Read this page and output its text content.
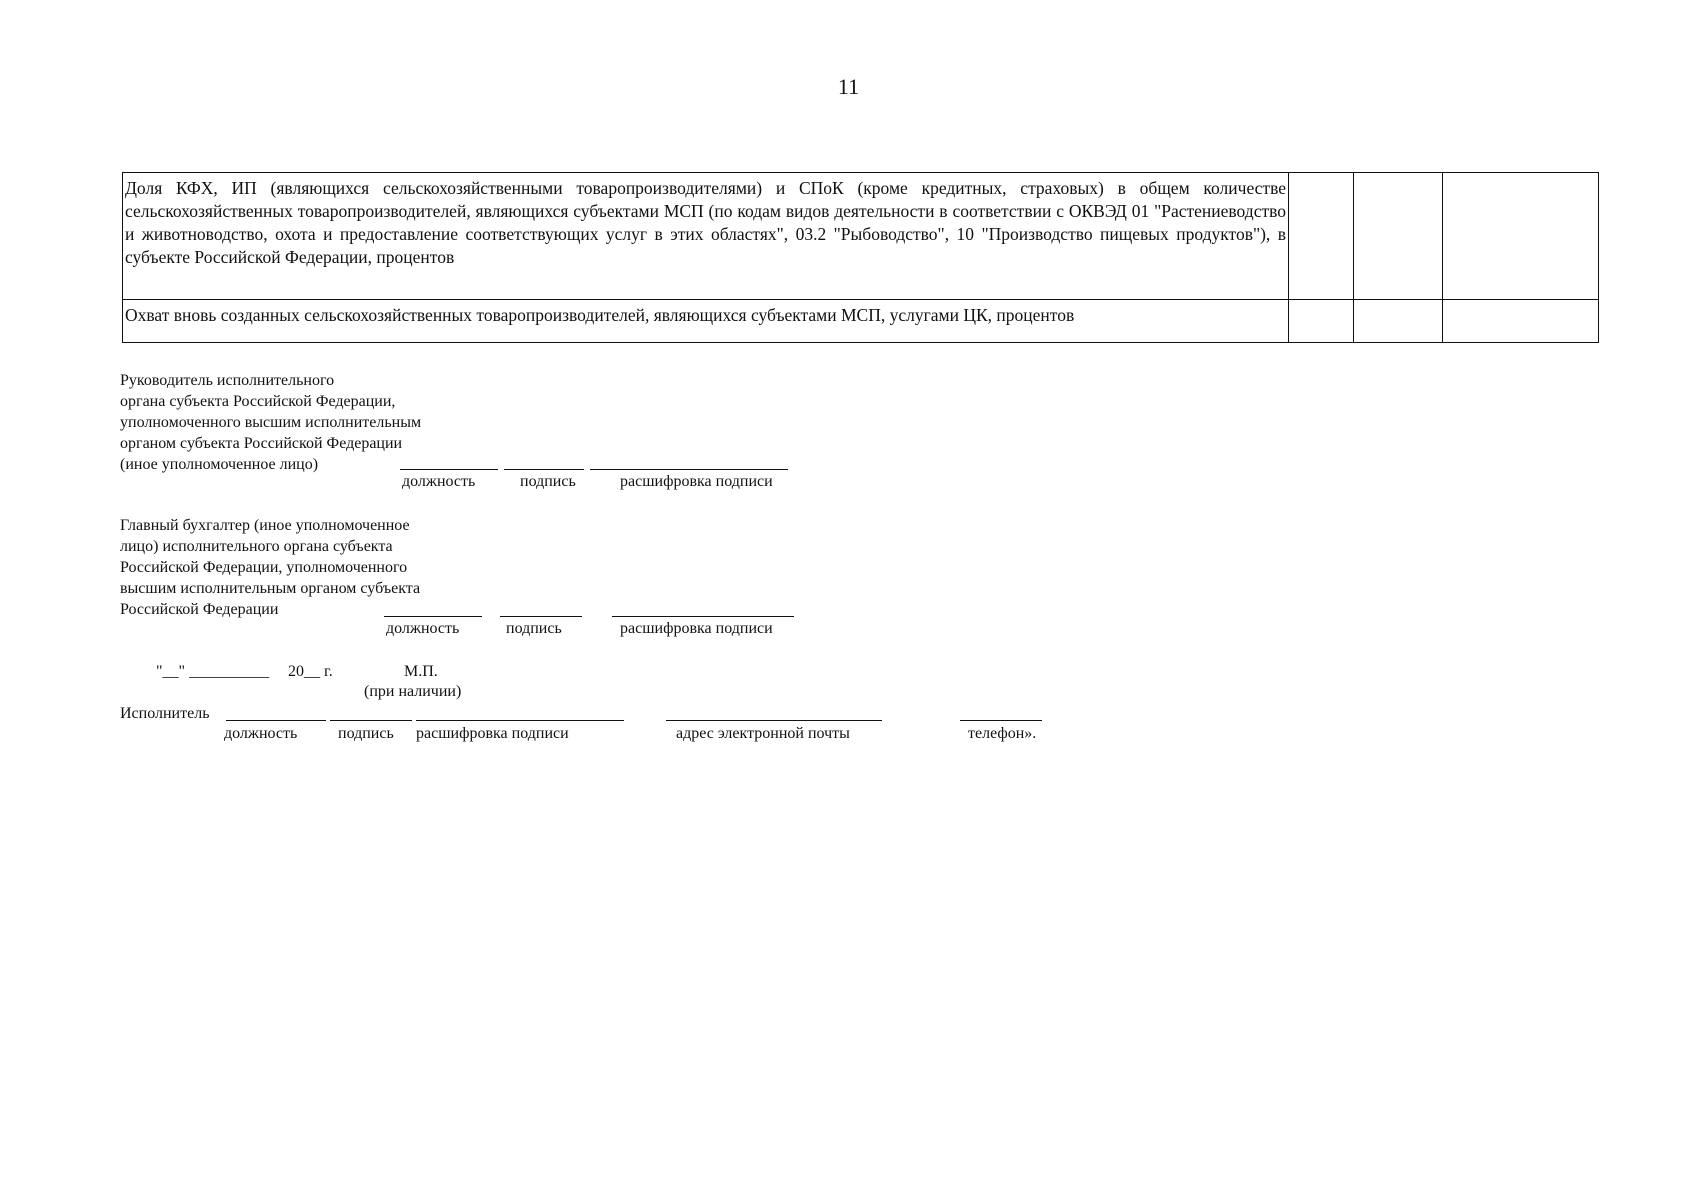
11
Доля КФХ, ИП (являющихся сельскохозяйственными товаропроизводителями) и СПоК (кроме кредитных, страховых) в общем количестве сельскохозяйственных товаропроизводителей, являющихся субъектами МСП (по кодам видов деятельности в соответствии с ОКВЭД 01 "Растениеводство и животноводство, охота и предоставление соответствующих услуг в этих областях", 03.2 "Рыбоводство", 10 "Производство пищевых продуктов"), в субъекте Российской Федерации, процентов			
Охват вновь созданных сельскохозяйственных товаропроизводителей, являющихся субъектами МСП, услугами ЦК, процентов			
Руководитель исполнительного
органа субъекта Российской Федерации,
уполномоченного высшим исполнительным
органом субъекта Российской Федерации
(иное уполномоченное лицо)
должность	подпись	расшифровка подписи
Главный бухгалтер (иное уполномоченное
лицо) исполнительного органа субъекта
Российской Федерации, уполномоченного
высшим исполнительным органом субъекта
Российской Федерации
должность	подпись	расшифровка подписи
"__" __________ 20__ г.	М.П.
(при наличии)
Исполнитель
должность	подпись расшифровка подписи	адрес электронной почты	телефон».
